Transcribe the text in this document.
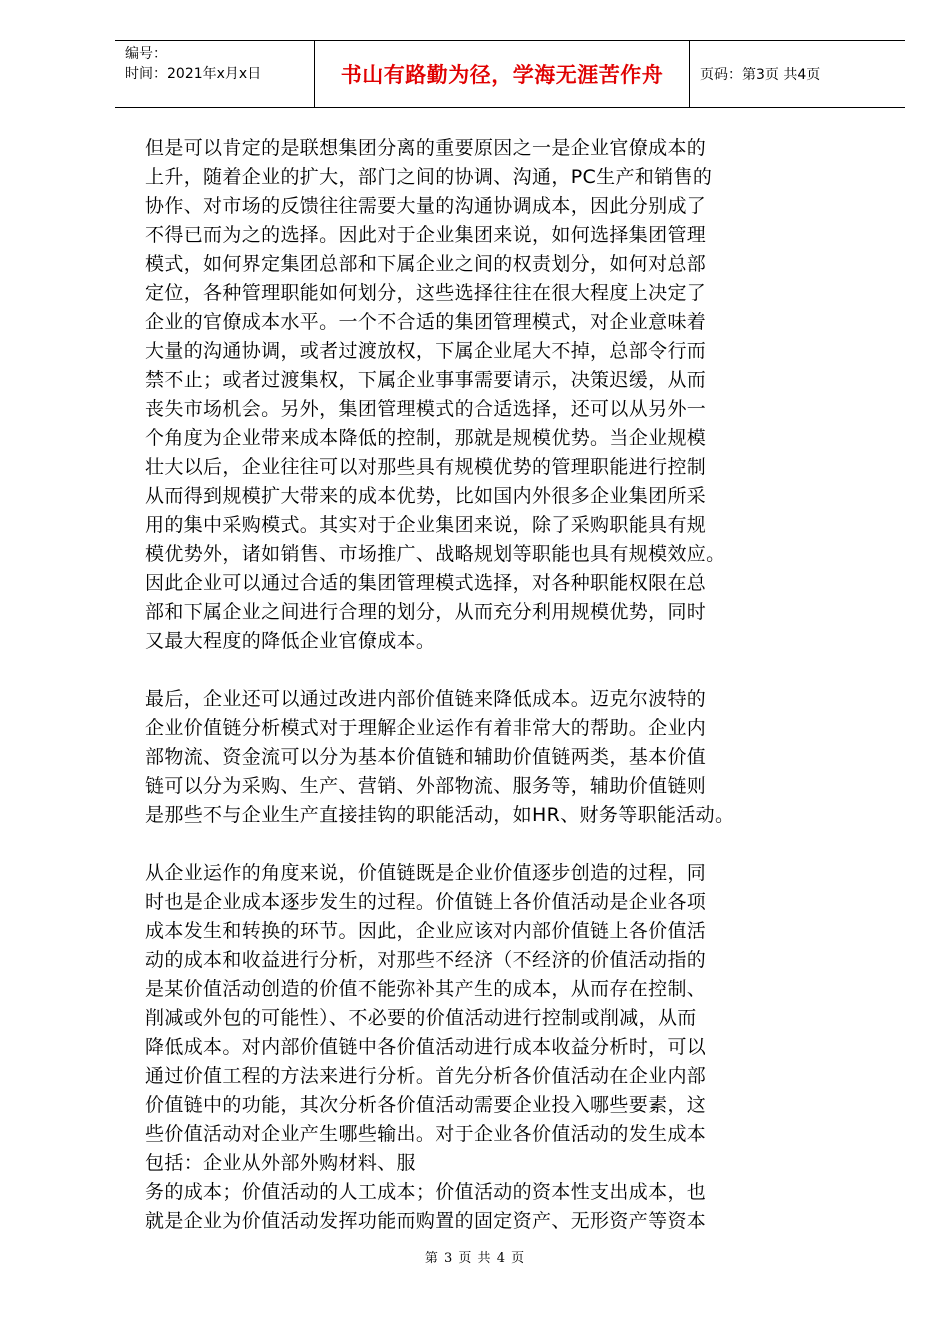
编号：
时间：2021年x月x日	书山有路勤为径，学海无涯苦作舟	页码：第3页 共4页
但是可以肯定的是联想集团分离的重要原因之一是企业官僚成本的
上升，随着企业的扩大，部门之间的协调、沟通，PC生产和销售的
协作、对市场的反馈往往需要大量的沟通协调成本，因此分别成了
不得已而为之的选择。因此对于企业集团来说，如何选择集团管理
模式，如何界定集团总部和下属企业之间的权责划分，如何对总部
定位，各种管理职能如何划分，这些选择往往在很大程度上决定了
企业的官僚成本水平。一个不合适的集团管理模式，对企业意味着
大量的沟通协调，或者过渡放权，下属企业尾大不掉，总部令行而
禁不止；或者过渡集权，下属企业事事需要请示，决策迟缓，从而
丧失市场机会。另外，集团管理模式的合适选择，还可以从另外一
个角度为企业带来成本降低的控制，那就是规模优势。当企业规模
壮大以后，企业往往可以对那些具有规模优势的管理职能进行控制
从而得到规模扩大带来的成本优势，比如国内外很多企业集团所采
用的集中采购模式。其实对于企业集团来说，除了采购职能具有规
模优势外，诸如销售、市场推广、战略规划等职能也具有规模效应。
因此企业可以通过合适的集团管理模式选择，对各种职能权限在总
部和下属企业之间进行合理的划分，从而充分利用规模优势，同时
又最大程度的降低企业官僚成本。
最后，企业还可以通过改进内部价值链来降低成本。迈克尔波特的
企业价值链分析模式对于理解企业运作有着非常大的帮助。企业内
部物流、资金流可以分为基本价值链和辅助价值链两类，基本价值
链可以分为采购、生产、营销、外部物流、服务等，辅助价值链则
是那些不与企业生产直接挂钩的职能活动，如HR、财务等职能活动。
从企业运作的角度来说，价值链既是企业价值逐步创造的过程，同
时也是企业成本逐步发生的过程。价值链上各价值活动是企业各项
成本发生和转换的环节。因此，企业应该对内部价值链上各价值活
动的成本和收益进行分析，对那些不经济（不经济的价值活动指的
是某价值活动创造的价值不能弥补其产生的成本，从而存在控制、
削减或外包的可能性）、不必要的价值活动进行控制或削减，从而
降低成本。对内部价值链中各价值活动进行成本收益分析时，可以
通过价值工程的方法来进行分析。首先分析各价值活动在企业内部
价值链中的功能，其次分析各价值活动需要企业投入哪些要素，这
些价值活动对企业产生哪些输出。对于企业各价值活动的发生成本
包括：企业从外部外购材料、服
务的成本；价值活动的人工成本；价值活动的资本性支出成本，也
就是企业为价值活动发挥功能而购置的固定资产、无形资产等资本
第 3 页 共 4 页
